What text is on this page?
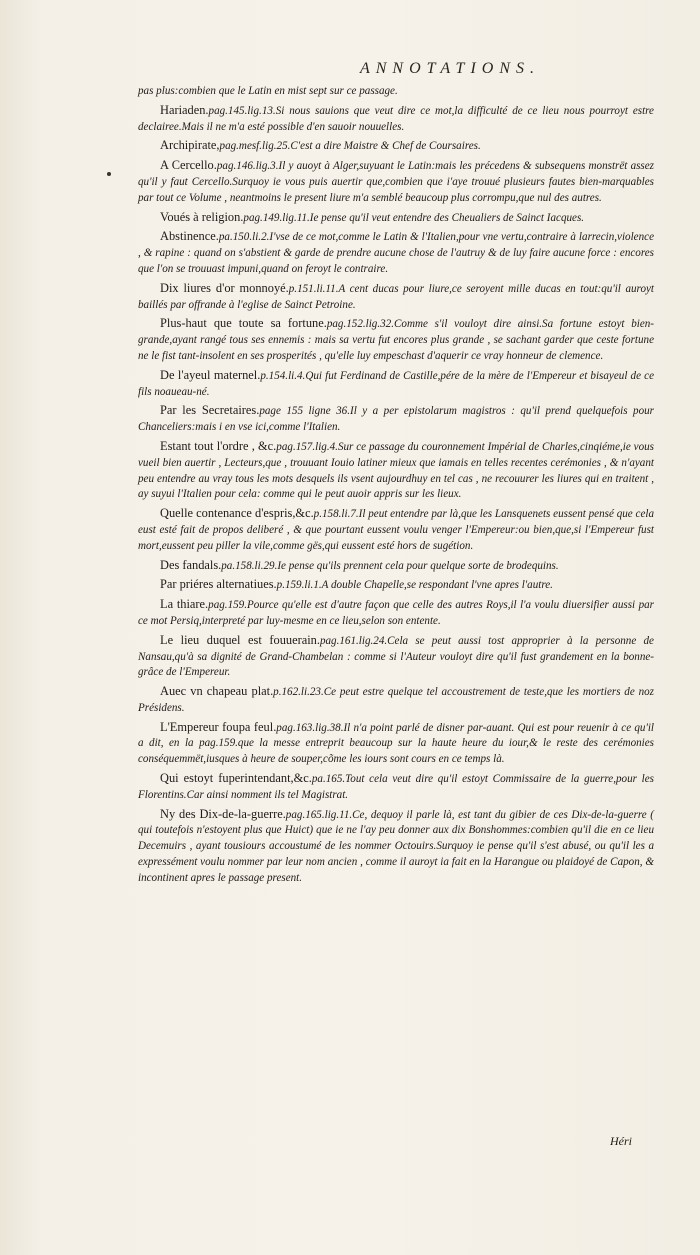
ANNOTATIONS.

pas plus:combien que le Latin en mist sept sur ce passage.

Hariaden.pag.145.lig.13.Si nous sauions que veut dire ce mot,la difficulté de ce lieu nous pourroyt estre declairee.Mais il ne m'a esté possible d'en sauoir nouuelles.

Archipirate,pag.mesf.lig.25.C'est a dire Maistre & Chef de Coursaires.

A Cercello.pag.146.lig.3.Il y auoyt à Alger,suyuant le Latin:mais les précedens & subsequens monstrët assez qu'il y faut Cercello.Surquoy ie vous puis auertir que,combien que i'aye trouué plusieurs fautes bien-marquables par tout ce Volume , neantmoins le present liure m'a semblé beaucoup plus corrompu,que nul des autres.

Voués à religion.pag.149.lig.11.Ie pense qu'il veut entendre des Cheualiers de Sainct Iacques.

Abstinence.pa.150.li.2.I'vse de ce mot,comme le Latin & l'Italien,pour vne vertu,contraire à larrecin,violence , & rapine : quand on s'abstient & garde de prendre aucune chose de l'autruy & de luy faire aucune force : encores que l'on se trouuast impuni,quand on feroyt le contraire.

Dix liures d'or monnoyé.p.151.li.11.A cent ducas pour liure,ce seroyent mille ducas en tout:qu'il auroyt baillés par offrande à l'eglise de Sainct Petroine.

Plus-haut que toute sa fortune.pag.152.lig.32.Comme s'il vouloyt dire ainsi.Sa fortune estoyt bien-grande,ayant rangé tous ses ennemis : mais sa vertu fut encores plus grande , se sachant garder que ceste fortune ne le fist tant-insolent en ses prosperités , qu'elle luy empeschast d'aquerir ce vray honneur de clemence.

De l'ayeul maternel.p.154.li.4.Qui fut Ferdinand de Castille,pére de la mère de l'Empereur et bisayeul de ce fils noaueau-né.

Par les Secretaires.page 155 ligne 36.Il y a per epistolarum magistros : qu'il prend quelquefois pour Chanceliers:mais i en vse ici,comme l'Italien.

Estant tout l'ordre , &c.pag.157.lig.4.Sur ce passage du couronnement Impérial de Charles,cinqiéme,ie vous vueil bien auertir , Lecteurs,que , trouuant Iouio latiner mieux que iamais en telles recentes cerémonies , & n'ayant peu entendre au vray tous les mots desquels ils vsent aujourdhuy en tel cas , ne recouurer les liures qui en traitent , ay suyui l'Italien pour cela: comme qui le peut auoir appris sur les lieux.

Quelle contenance d'espris,&c.p.158.li.7.Il peut entendre par là,que les Lansquenets eussent pensé que cela eust esté fait de propos deliberé , & que pourtant eussent voulu venger l'Empereur:ou bien,que,si l'Empereur fust mort,eussent peu piller la vile,comme gës,qui eussent esté hors de sugétion.

Des fandals.pa.158.li.29.Ie pense qu'ils prennent cela pour quelque sorte de brodequins.

Par priéres alternatiues.p.159.li.1.A double Chapelle,se respondant l'vne apres l'autre.

La thiare.pag.159.Pource qu'elle est d'autre façon que celle des autres Roys,il l'a voulu diuersifier aussi par ce mot Persiq,interpreté par luy-mesme en ce lieu,selon son entente.

Le lieu duquel est fouuerain.pag.161.lig.24.Cela se peut aussi tost approprier à la personne de Nansau,qu'à sa dignité de Grand-Chambelan : comme si l'Auteur vouloyt dire qu'il fust grandement en la bonne-grâce de l'Empereur.

Auec vn chapeau plat.p.162.li.23.Ce peut estre quelque tel accoustrement de teste,que les mortiers de noz Présidens.

L'Empereur foupa feul.pag.163.lig.38.Il n'a point parlé de disner par-auant. Qui est pour reuenir à ce qu'il a dit, en la pag.159.que la messe entreprit beaucoup sur la haute heure du iour,& le reste des cerémonies conséquemmët,iusques à heure de souper,cõme les iours sont cours en ce temps là.

Qui estoyt fuperintendant,&c.pa.165.Tout cela veut dire qu'il estoyt Commissaire de la guerre,pour les Florentins.Car ainsi nomment ils tel Magistrat.

Ny des Dix-de-la-guerre.pag.165.lig.11.Ce, dequoy il parle là, est tant du gibier de ces Dix-de-la-guerre ( qui toutefois n'estoyent plus que Huict) que ie ne l'ay peu donner aux dix Bonshommes:combien qu'il die en ce lieu Decemuirs , ayant tousiours accoustumé de les nommer Octouirs.Surquoy ie pense qu'il s'est abusé, ou qu'il les a expressément voulu nommer par leur nom ancien , comme il auroyt ia fait en la Harangue ou plaidoyé de Capon, & incontinent apres le passage present.

Héri
